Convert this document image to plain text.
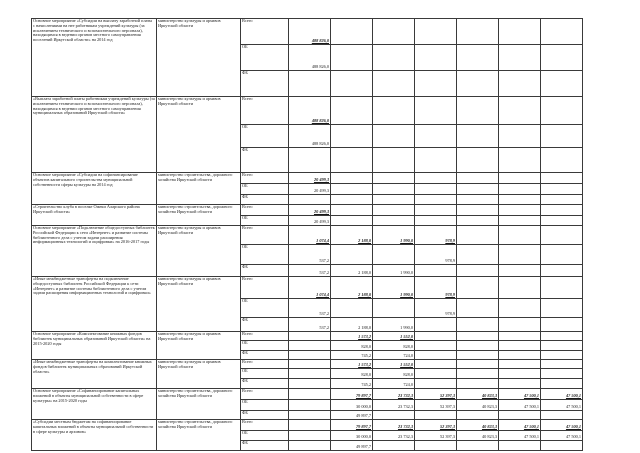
Основное мероприятие «Субсидии на выплату заработной платы с начислениями на нее работникам учреждений культуры (за исключением технического и вспомогательного персонала), находящимся в ведении органов местного самоуправления поселений Иркутской области» на 2014 год	министерство культуры и архивов Иркутской области	Всего	488 826,0						
		ОБ	488 826,0						
		ФБ							
«Выплата заработной платы работникам учреждений культуры (за исключением технического и вспомогательного персонала), находящимся в ведении органов местного самоуправления муниципальных образований Иркутской области»	министерство культуры и архивов Иркутской области	Всего	488 826,0						
		ОБ	488 826,0						
		ФБ							
Основное мероприятие «Субсидии на софинансирование объектов капитального строительства муниципальной собственности сферы культуры на 2014 год	министерство строительства, дорожного хозяйства Иркутской области	Всего	20 499,3						
		ОБ	20 499,3						
		ФБ							
«Строительство клуба в поселке Ожеки Аларского района Иркутской области»	министерство строительства, дорожного хозяйства Иркутской области	Всего	20 499,3						
		ОБ	20 499,3						
Основное мероприятие «Подключение общедоступных библиотек Российской Федерации к сети «Интернет» и развитие системы библиотечного дела с учетом задачи расширения информационных технологий и оцифровки» на 2016-2017 годы	министерство культуры и архивов Иркутской области	Всего	1 074,4	2 188,0	1 990,0	978,9			
		ОБ	537,2			978,9			
		ФБ	537,2	2 188,0	1 990,0				
«Иные межбюджетные трансферты на подключение общедоступных библиотек Российской Федерации к сети «Интернет» и развитие системы библиотечного дела с учетом задачи расширения информационных технологий и оцифровки»	министерство культуры и архивов Иркутской области	Всего	1 074,4	2 188,0	1 990,0	978,9			
		ОБ	537,2			978,9			
		ФБ	537,2	2 188,0	1 990,0				
Основное мероприятие «Комплектование книжных фондов библиотек муниципальных образований Иркутской области» на 2015-2020 годы	министерство культуры и архивов Иркутской области	Всего		1 573,2	1 552,0				
		ОБ		828,0	828,0				
		ФБ		745,2	724,0				
«Иные межбюджетные трансферты на комплектование книжных фондов библиотек муниципальных образований Иркутской области»	министерство культуры и архивов Иркутской области	Всего		1 573,2	1 552,0				
		ОБ		828,0	828,0				
		ФБ		745,2	724,0				
Основное мероприятие «Софинансирование капитальных вложений в объекты муниципальной собственности в сфере культуры» на 2015-2020 годы	министерство строительства, дорожного хозяйства Иркутской области	Всего		79 897,7	23 732,3	52 397,3	40 823,3	47 500,1	47 500,1
		ОБ		30 000,0	23 732,3	52 397,3	40 823,3	47 500,1	47 500,1
		ФБ		49 897,7					
«Субсидии местным бюджетам на софинансирование капитальных вложений в объекты муниципальной собственности в сфере культуры и архивов»	министерство строительства, дорожного хозяйства Иркутской области	Всего		79 897,7	23 732,3	52 397,3	40 823,3	47 500,1	47 500,1
		ОБ		30 000,0	23 732,3	52 397,3	40 823,3	47 500,1	47 500,1
		ФБ		49 897,7					
